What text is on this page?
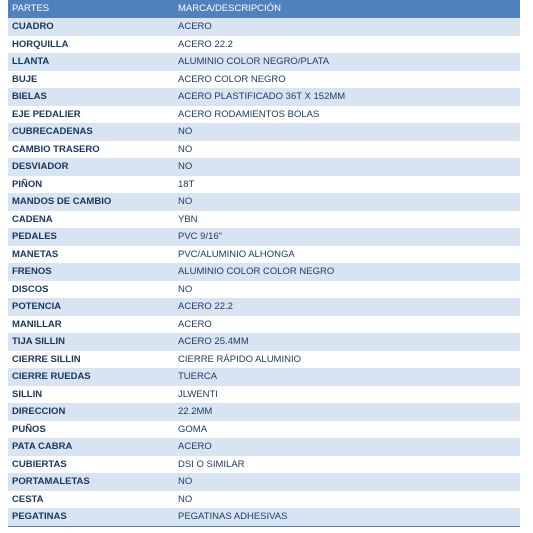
PARTES	MARCA/DESCRIPCIÓN
CUADRO	ACERO
HORQUILLA	ACERO 22.2
LLANTA	ALUMINIO COLOR NEGRO/PLATA
BUJE	ACERO COLOR NEGRO
BIELAS	ACERO PLASTIFICADO 36T X 152MM
EJE PEDALIER	ACERO RODAMIENTOS BOLAS
CUBRECADENAS	NO
CAMBIO TRASERO	NO
DESVIADOR	NO
PIÑON	18T
MANDOS DE CAMBIO	NO
CADENA	YBN
PEDALES	PVC 9/16"
MANETAS	PVC/ALUMINIO ALHONGA
FRENOS	ALUMINIO COLOR COLOR NEGRO
DISCOS	NO
POTENCIA	ACERO 22.2
MANILLAR	ACERO
TIJA SILLIN	ACERO 25.4MM
CIERRE SILLIN	CIERRE RÁPIDO ALUMINIO
CIERRE RUEDAS	TUERCA
SILLIN	JLWENTI
DIRECCION	22.2MM
PUÑOS	GOMA
PATA CABRA	ACERO
CUBIERTAS	DSI O SIMILAR
PORTAMALETAS	NO
CESTA	NO
PEGATINAS	PEGATINAS ADHESIVAS
